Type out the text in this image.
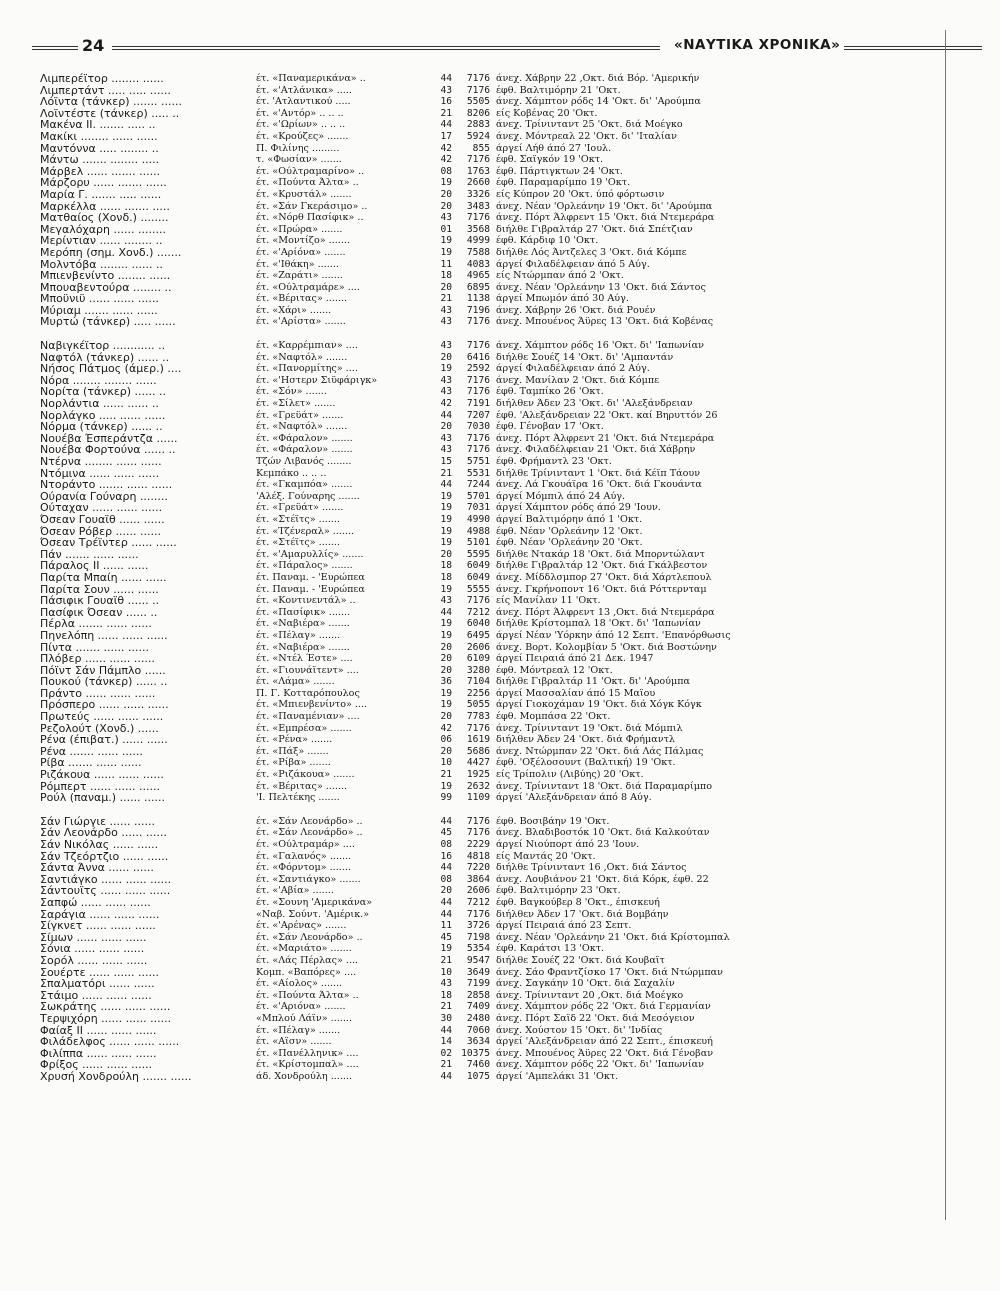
24	«ΝΑΥΤΙΚΑ ΧΡΟΝΙΚΑ»
Λιμπερέϊτορ ........ ......	έτ. «Παναμερικάνα» ..	44	7176 άνεχ. Χάβρην 22 ,Οκτ. διά Βόρ. 'Αμερικήν
Λιμπερτάντ ..... ..... ......	έτ. «'Ατλάνικα» .....	43	7176 έφθ. Βαλτιμόρην 21 'Οκτ.
Λόϊντα (τάνκερ) ....... ......	έτ. 'Ατλαντικού .....	16	5505 άνεχ. Χάμπτον ρόδς 14 'Οκτ. δι' 'Αρούμπα
Λοϊντέστε (τάνκερ) ..... ..	έτ. «'Αντόρ» .. .. ..	21	8206 είς Κοβένας 20 'Οκτ.
Μακένα ΙΙ. ....... ..... ..	έτ. «'Ωρίων» .. .. ..	44	2883 άνεχ. Τρίνινταντ 25 'Οκτ. διά Μοέγκο
Μακίκι ........ ...... ......	έτ. «Κρούζες» .......	17	5924 άνεχ. Μόντρεαλ 22 'Οκτ. δι' 'Ιταλίαν
Μαντόννα ..... ........ ..	Π. Φιλίνης .........	42	855 άργεί Λήθ άπό 27 'Ιουλ.
Μάντω ....... ........ .....	τ. «Φωσίαν» .......	42	7176 έφθ. Σαϊγκόν 19 'Οκτ.
Μάρβελ ...... ....... ......	έτ. «Ούλτραμαρίνο» ..	08	1763 έφθ. Πάρτιγκτων 24 'Οκτ.
Μάρζορυ ...... ....... ......	έτ. «Πούντα Άλτα» ..	19	2660 έφθ. Παραμαρίμπο 19 'Οκτ.
Μαρία Γ. ....... ..... ......	έτ. «Κρυστάλ» .......	20	3326 είς Κύπρον 20 'Οκτ. ύπό φόρτωσιν
Μαρκέλλα ...... ....... .....	έτ. «Σάν Γκεράσιμο» ..	20	3483 άνεχ. Νέαν 'Ορλεάνην 19 'Οκτ. δι' 'Αρούμπα
Ματθαίος (Χονδ.) ........	έτ. «Νόρθ Πασίφικ» ..	43	7176 άνεχ. Πόρτ Άλφρεντ 15 'Οκτ. διά Ντεμεράρα
Μεγαλόχαρη ...... ........	έτ. «Πρώρα» .......	01	3568 διήλθε Γιβραλτάρ 27 'Οκτ. διά Σπέτζιαν
Μερίντιαν ...... ........ ..	έτ. «Μοντίζο» .......	19	4999 έφθ. Κάρδιφ 10 'Οκτ.
Μερόπη (σημ. Χονδ.) .......	έτ. «'Αρίόνα» .......	19	7588 διήλθε Λός Άντζελες 3 'Οκτ. διά Κόμπε
Μολντόβα ........ ...... ..	έτ. «'Ιθάκη» .......	11	4083 άργεί Φιλαδέλφειαν άπό 5 Αύγ.
Μπιενβενίντο ........ ......	έτ. «Ζαράτι» .......	18	4965 είς Ντώρμπαν άπό 2 'Οκτ.
Μπουαβεντούρα ........ ..	έτ. «Ούλτραμάρε» ....	20	6895 άνεχ. Νέαν 'Ορλεάνην 13 'Οκτ. διά Σάντος
Μποϋνιϋ ...... ...... ......	έτ. «Βέριτας» .......	21	1138 άργεί Μπωμόν άπό 30 Αύγ.
Μύριαμ ....... ...... ......	έτ. «Χάρι» .......	43	7196 άνεχ. Χάβρην 26 'Οκτ. διά Ρουέν
Μυρτώ (τάνκερ) ..... ......	έτ. «'Αρίστα» .......	43	7176 άνεχ. Μπουένος Άϋρες 13 'Οκτ. διά Κοβένας
Ναβιγκέϊτορ ............ ..	έτ. «Καρρέμπιαν» ....	43	7176 άνεχ. Χάμπτον ρόδς 16 'Οκτ. δι' 'Ιαπωνίαν
Ναφτόλ (τάνκερ) ...... ..	έτ. «Ναφτόλ» .......	20	6416 διήλθε Σουέζ 14 'Οκτ. δι' 'Αμπαντάν
Νήσος Πάτμος (άμερ.) ....	έτ. «Πανορμίτης» ....	19	2592 άργεί Φιλαδέλφειαν άπό 2 Αύγ.
Νόρα ........ ........ ......	έτ. «'Ηστερν Σιϋφάριγκ»	43	7176 άνεχ. Μανίλαν 2 'Οκτ. διά Κόμπε
Νορίτα (τάνκερ) ...... ..	έτ. «Σόν» .......	43	7176 έφθ. Ταμπίκο 26 'Οκτ.
Νορλάντια ...... ...... ..	έτ. «Σίλετ» .......	42	7191 διήλθεν Άδεν 23 'Οκτ. δι' 'Αλεξάνδρειαν
Νορλάγκο ..... ...... ......	έτ. «Γρεϋάτ» .......	44	7207 έφθ. 'Αλεξάνδρειαν 22 'Οκτ. καί Βηρυττόν 26
Νόρμα (τάνκερ) ...... ..	έτ. «Ναφτόλ» .......	20	7030 έφθ. Γένοβαν 17 'Οκτ.
Νουέβα Έσπεράντζα ......	έτ. «Φάραλον» .......	43	7176 άνεχ. Πόρτ Άλφρεντ 21 'Οκτ. διά Ντεμεράρα
Νουέβα Φορτούνα ...... ..	έτ. «Φάραλον» .......	43	7176 άνεχ. Φιλαδέλφειαν 21 'Οκτ. διά Χάβρην
Ντέρνα ........ ...... ......	Τζών Λιβανός ........	15	5751 έφθ. Φρήμαντλ 23 'Οκτ.
Ντόμινα ...... ...... ......	Κεμπάκο .. .. ..	21	5531 διήλθε Τρίνινταντ 1 'Οκτ. διά Κέϊπ Τάουν
Ντοράντο ....... ...... ......	έτ. «Γκαμπόα» .......	44	7244 άνεχ. Λά Γκουάϊρα 16 'Οκτ. διά Γκουάντα
Ούρανία Γούναρη ........	'Αλέξ. Γούναρης .......	19	5701 άργεί Μόμπιλ άπό 24 Αύγ.
Ούταχαν ...... ...... ......	έτ. «Γρεϋάτ» .......	19	7031 άργεί Χάμπτον ρόδς άπό 29 'Ιουν.
Όσεαν Γουαϊθ ...... ......	έτ. «Στέϊτς» .......	19	4990 άργεί Βαλτιμόρην άπό 1 'Οκτ.
Όσεαν Ρόβερ ...... ......	έτ. «Τζένεραλ» .......	19	4988 έφθ. Νέαν 'Ορλεάνην 12 'Οκτ.
Όσεαν Τρέϊντερ ...... ......	έτ. «Στέϊτς» .......	19	5101 έφθ. Νέαν 'Ορλεάνην 20 'Οκτ.
Πάν ....... ...... ......	έτ. «'Αμαρυλλίς» .......	20	5595 διήλθε Ντακάρ 18 'Οκτ. διά Μπορντώλαντ
Πάραλος ΙΙ ...... ......	έτ. «Πάραλος» .......	18	6049 διήλθε Γιβραλτάρ 12 'Οκτ. διά Γκάλβεστον
Παρίτα Μπαίη ...... ......	έτ. Παναμ. - 'Ευρώπεα	18	6049 άνεχ. Μίδδλσμπορ 27 'Οκτ. διά Χάρτλεπουλ
Παρίτα Σουν ...... ......	έτ. Παναμ. - 'Ευρώπεα	19	5555 άνεχ. Γκρήνοποντ 16 'Οκτ. διά Ρόττερνταμ
Πάσιφικ Γουαϊθ ...... ..	έτ. «Κοντινεντάλ» ..	43	7176 είς Μανίλαν 11 'Οκτ.
Πασίφικ Όσεαν ...... ..	έτ. «Πασίφικ» .......	44	7212 άνεχ. Πόρτ Άλφρεντ 13 ,Οκτ. διά Ντεμεράρα
Πέρλα ....... ...... ......	έτ. «Ναβιέρα» .......	19	6040 διήλθε Κρίστομπαλ 18 'Οκτ. δι' 'Ιαπωνίαν
Πηνελόπη ...... ...... ......	έτ. «Πέλαγ» .......	19	6495 άργεί Νέαν 'Υόρκην άπό 12 Σεπτ. 'Επανόρθωσις
Πίντα ....... ...... ......	έτ. «Ναβιέρα» .......	20	2606 άνεχ. Βορτ. Κολομβίαν 5 'Οκτ. διά Βοστώνην
Πλόβερ ...... ...... ......	έτ. «Ντέλ Έστε» ....	20	6109 άργεί Πειραιά άπό 21 Δεκ. 1947
Πόϊντ Σάν Πάμπλο ......	έτ. «Γιουνάϊτεντ» ....	20	3280 έφθ. Μόντρεαλ 12 'Οκτ.
Πουκού (τάνκερ) ...... ..	έτ. «Λάμα» .......	36	7104 διήλθε Γιβραλτάρ 11 'Οκτ. δι' 'Αρούμπα
Πράντο ...... ...... ......	Π. Γ. Κοτταρόπουλος	19	2256 άργεί Μασσαλίαν άπό 15 Μαΐου
Πρόσπερο ...... ...... ......	έτ. «Μπιενβενίντο» ....	19	5055 άργεί Γιοκοχάμαν 19 'Οκτ. διά Χόγκ Κόγκ
Πρωτεύς ...... ...... ......	έτ. «Παναμένιαν» ....	20	7783 έφθ. Μομπάσα 22 'Οκτ.
Ρεζολούτ (Χονδ.) ......	έτ. «Εμπρέσα» .......	42	7176 άνεχ. Τρίνινταντ 19 'Οκτ. διά Μόμπιλ
Ρένα (έπιβατ.) ...... ......	έτ. «Ρένα» .......	06	1619 διήλθεν Άδεν 24 'Οκτ. διά Φρήμαντλ
Ρένα ....... ...... ......	έτ. «Πάξ» .......	20	5686 άνεχ. Ντώρμπαν 22 'Οκτ. διά Λάς Πάλμας
Ρίβα ....... ...... ......	έτ. «Ρίβα» .......	10	4427 έφθ. 'Οξέλοσουντ (Βαλτική) 19 'Οκτ.
Ριζάκουα ...... ...... ......	έτ. «Ριζάκουα» .......	21	1925 είς Τρίπολιν (Λιβύης) 20 'Οκτ.
Ρόμπερτ ...... ...... ......	έτ. «Βέριτας» .......	19	2632 άνεχ. Τρίνινταντ 18 'Οκτ. διά Παραμαρίμπο
Ρούλ (παναμ.) ...... ......	'Ι. Πελτέκης .......	99	1109 άργεί 'Αλεξάνδρειαν άπό 8 Αύγ.
Σάν Γιώργιε ...... ......	έτ. «Σάν Λεονάρδο» ..	44	7176 έφθ. Βοσιβάην 19 'Οκτ.
Σάν Λεονάρδο ...... ......	έτ. «Σάν Λεονάρδο» ..	45	7176 άνεχ. Βλαδιβοστόκ 10 'Οκτ. διά Καλκούταν
Σάν Νικόλας ...... ......	έτ. «Ούλτραμάρ» ....	08	2229 άργεί Νιούπορτ άπό 23 'Ιουν.
Σάν Τζεόρτζιο ...... ......	έτ. «Γαλανός» .......	16	4818 είς Μαντάς 20 'Οκτ.
Σάντα Άννα ...... ......	έτ. «Φόρντομ» .......	44	7220 διήλθε Τρίνινταντ 16 ,Οκτ. διά Σάντος
Σαντιάγκο ...... ...... ......	έτ. «Σαντιάγκο» .......	08	3864 άνεχ. Λουβιάνον 21 'Οκτ. διά Κόρκ, έφθ. 22
Σάντουϊτς ...... ...... ......	έτ. «'Αβία» .......	20	2606 έφθ. Βαλτιμόρην 23 'Οκτ.
Σαπφώ ...... ...... ......	έτ. «Σουνη 'Αμερικάνα»	44	7212 έφθ. Βαγκούβερ 8 'Οκτ., έπισκευή
Σαράγια ...... ...... ......	«Ναβ. Σούντ. 'Αμέρικ.»	44	7176 διήλθεν Άδεν 17 'Οκτ. διά Βομβάην
Σίγκνετ ...... ...... ......	έτ. «'Αρένας» .......	11	3726 άργεί Πειραιά άπό 23 Σεπτ.
Σίμων ...... ...... ......	έτ. «Σάν Λεονάρδο» ..	45	7198 άνεχ. Νέαν 'Ορλεάνην 21 'Οκτ. διά Κρίστομπαλ
Σόνια ...... ...... ......	έτ. «Μαριάτο» .......	19	5354 έφθ. Καράτσι 13 'Οκτ.
Σορόλ ...... ...... ......	έτ. «Λάς Πέρλας» ....	21	9547 διήλθε Σουέζ 22 'Οκτ. διά Κουβαΐτ
Σουέρτε ...... ...... ......	Κομπ. «Βαπόρες» ....	10	3649 άνεχ. Σάο Φραντζίσκο 17 'Οκτ. διά Ντώρμπαν
Σπαλματόρι ...... ......	έτ. «Αίολος» .......	43	7199 άνεχ. Σαγκάην 10 'Οκτ. διά Σαχαλίν
Στάιμο ...... ...... ......	έτ. «Πούντα Άλτα» ..	18	2858 άνεχ. Τρίνινταντ 20 ,Οκτ. διά Μοέγκο
Σωκράτης ...... ...... ......	έτ. «'Αριόνα» .......	21	7409 άνεχ. Χάμπτον ρόδς 22 'Οκτ. διά Γερμανίαν
Τερψιχόρη ...... ...... ......	«Μπλού Λάϊν» .......	30	2480 άνεχ. Πόρτ Σαΐδ 22 'Οκτ. διά Μεσόγειον
Φαίαξ ΙΙ ...... ...... ......	έτ. «Πέλαγ» .......	44	7060 άνεχ. Χούστον 15 'Οκτ. δι' 'Ινδίας
Φιλάδελφος ...... ...... ......	έτ. «Αΐσν» .......	14	3634 άργεί 'Αλεξάνδρειαν άπό 22 Σεπτ., έπισκευή
Φιλίππα ...... ...... ......	έτ. «Πανέλληνικ» ....	02 10375 άνεχ. Μπουένος Άϋρες 22 'Οκτ. διά Γένοβαν
Φρίξος ...... ...... ......	έτ. «Κρίστομπαλ» ....	21	7460 άνεχ. Χάμπτον ρόδς 22 'Οκτ. δι' 'Ιαπωνίαν
Χρυσή Χονδρούλη ....... ......	άδ. Χονδρούλη .......	44	1075 άργεί 'Αμπελάκι 31 'Οκτ.
